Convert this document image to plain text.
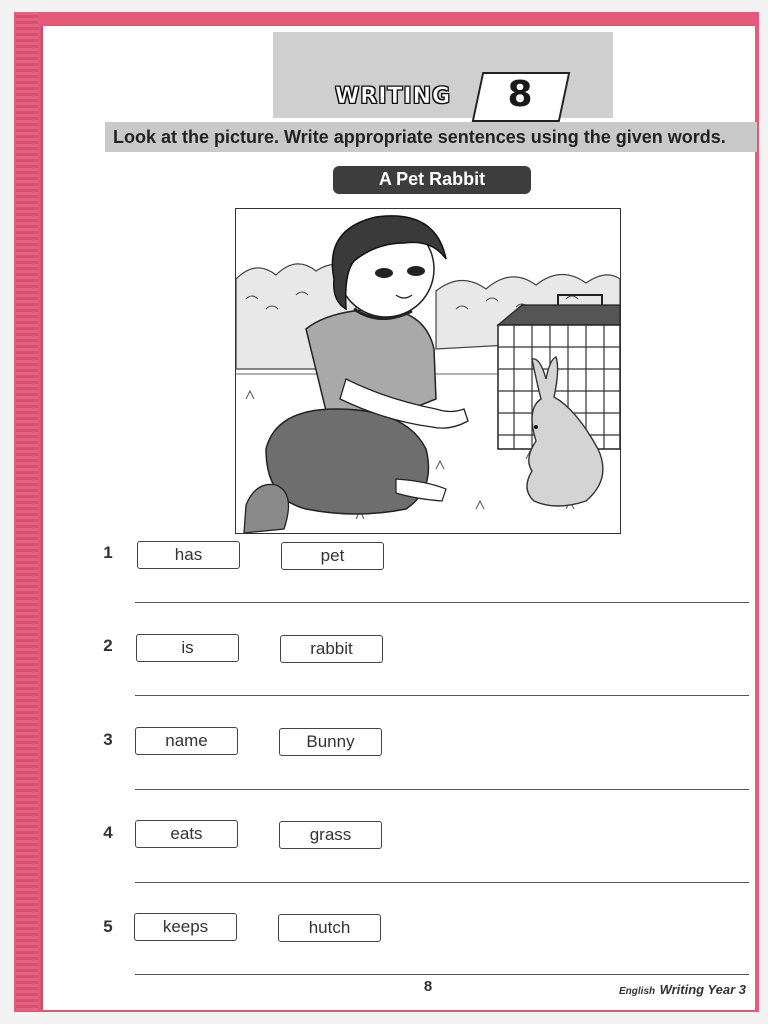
WRITING 8
Look at the picture. Write appropriate sentences using the given words.
A Pet Rabbit
1	has	pet
2	is	rabbit
3	name	Bunny
4	eats	grass
5	keeps	hutch
8	English Writing Year 3
